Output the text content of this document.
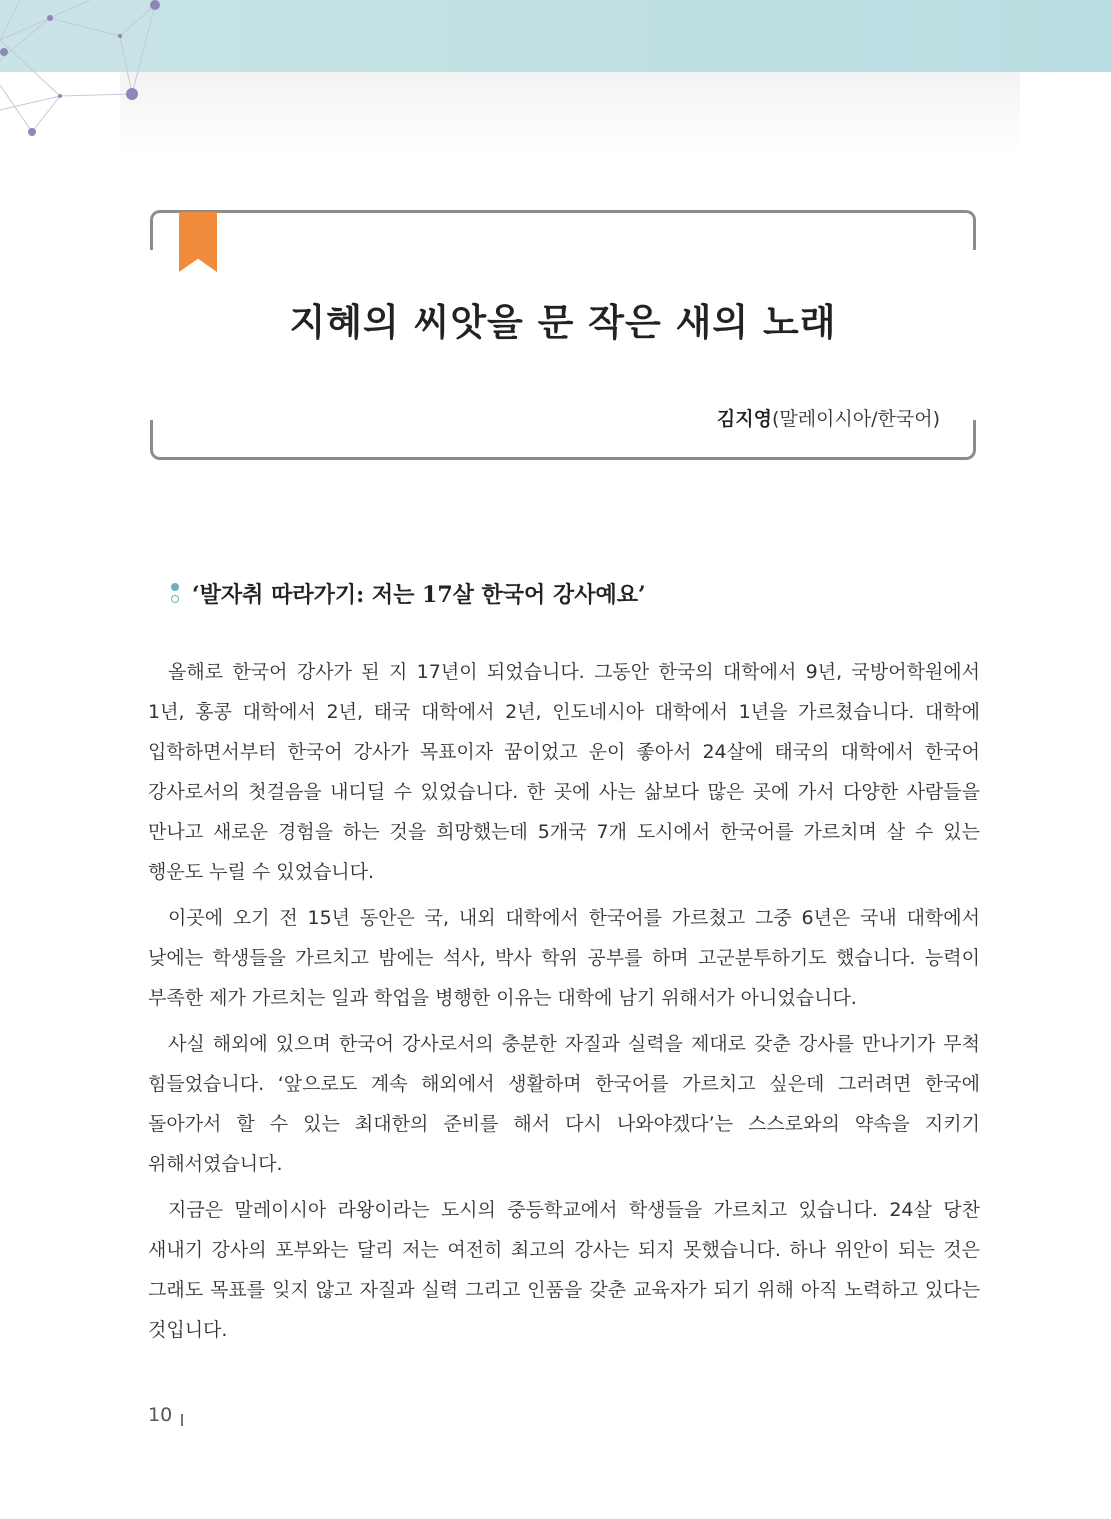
지혜의 씨앗을 문 작은 새의 노래
김지영(말레이시아/한국어)
‘발자취 따라가기: 저는 17살 한국어 강사예요’

올해로 한국어 강사가 된 지 17년이 되었습니다. 그동안 한국의 대학에서 9년, 국방어학원에서 1년, 홍콩 대학에서 2년, 태국 대학에서 2년, 인도네시아 대학에서 1년을 가르쳤습니다. 대학에 입학하면서부터 한국어 강사가 목표이자 꿈이었고 운이 좋아서 24살에 태국의 대학에서 한국어 강사로서의 첫걸음을 내디딜 수 있었습니다. 한 곳에 사는 삶보다 많은 곳에 가서 다양한 사람들을 만나고 새로운 경험을 하는 것을 희망했는데 5개국 7개 도시에서 한국어를 가르치며 살 수 있는 행운도 누릴 수 있었습니다.

이곳에 오기 전 15년 동안은 국, 내외 대학에서 한국어를 가르쳤고 그중 6년은 국내 대학에서 낮에는 학생들을 가르치고 밤에는 석사, 박사 학위 공부를 하며 고군분투하기도 했습니다. 능력이 부족한 제가 가르치는 일과 학업을 병행한 이유는 대학에 남기 위해서가 아니었습니다.

사실 해외에 있으며 한국어 강사로서의 충분한 자질과 실력을 제대로 갖춘 강사를 만나기가 무척 힘들었습니다. ‘앞으로도 계속 해외에서 생활하며 한국어를 가르치고 싶은데 그러려면 한국에 돌아가서 할 수 있는 최대한의 준비를 해서 다시 나와야겠다’는 스스로와의 약속을 지키기 위해서였습니다.

지금은 말레이시아 라왕이라는 도시의 중등학교에서 학생들을 가르치고 있습니다. 24살 당찬 새내기 강사의 포부와는 달리 저는 여전히 최고의 강사는 되지 못했습니다. 하나 위안이 되는 것은 그래도 목표를 잊지 않고 자질과 실력 그리고 인품을 갖춘 교육자가 되기 위해 아직 노력하고 있다는 것입니다.

10
